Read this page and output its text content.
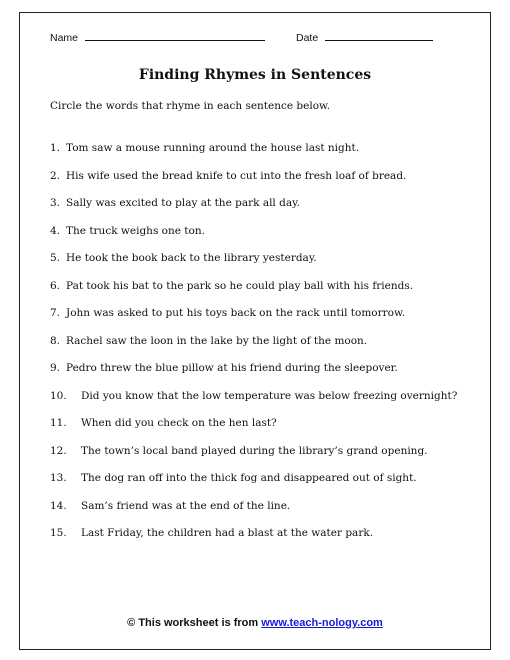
Name	Date
Finding Rhymes in Sentences
Circle the words that rhyme in each sentence below.
1. Tom saw a mouse running around the house last night.
2. His wife used the bread knife to cut into the fresh loaf of bread.
3. Sally was excited to play at the park all day.
4. The truck weighs one ton.
5. He took the book back to the library yesterday.
6. Pat took his bat to the park so he could play ball with his friends.
7. John was asked to put his toys back on the rack until tomorrow.
8. Rachel saw the loon in the lake by the light of the moon.
9. Pedro threw the blue pillow at his friend during the sleepover.
10. Did you know that the low temperature was below freezing overnight?
11. When did you check on the hen last?
12. The town’s local band played during the library’s grand opening.
13. The dog ran off into the thick fog and disappeared out of sight.
14. Sam’s friend was at the end of the line.
15. Last Friday, the children had a blast at the water park.
© This worksheet is from www.teach-nology.com
